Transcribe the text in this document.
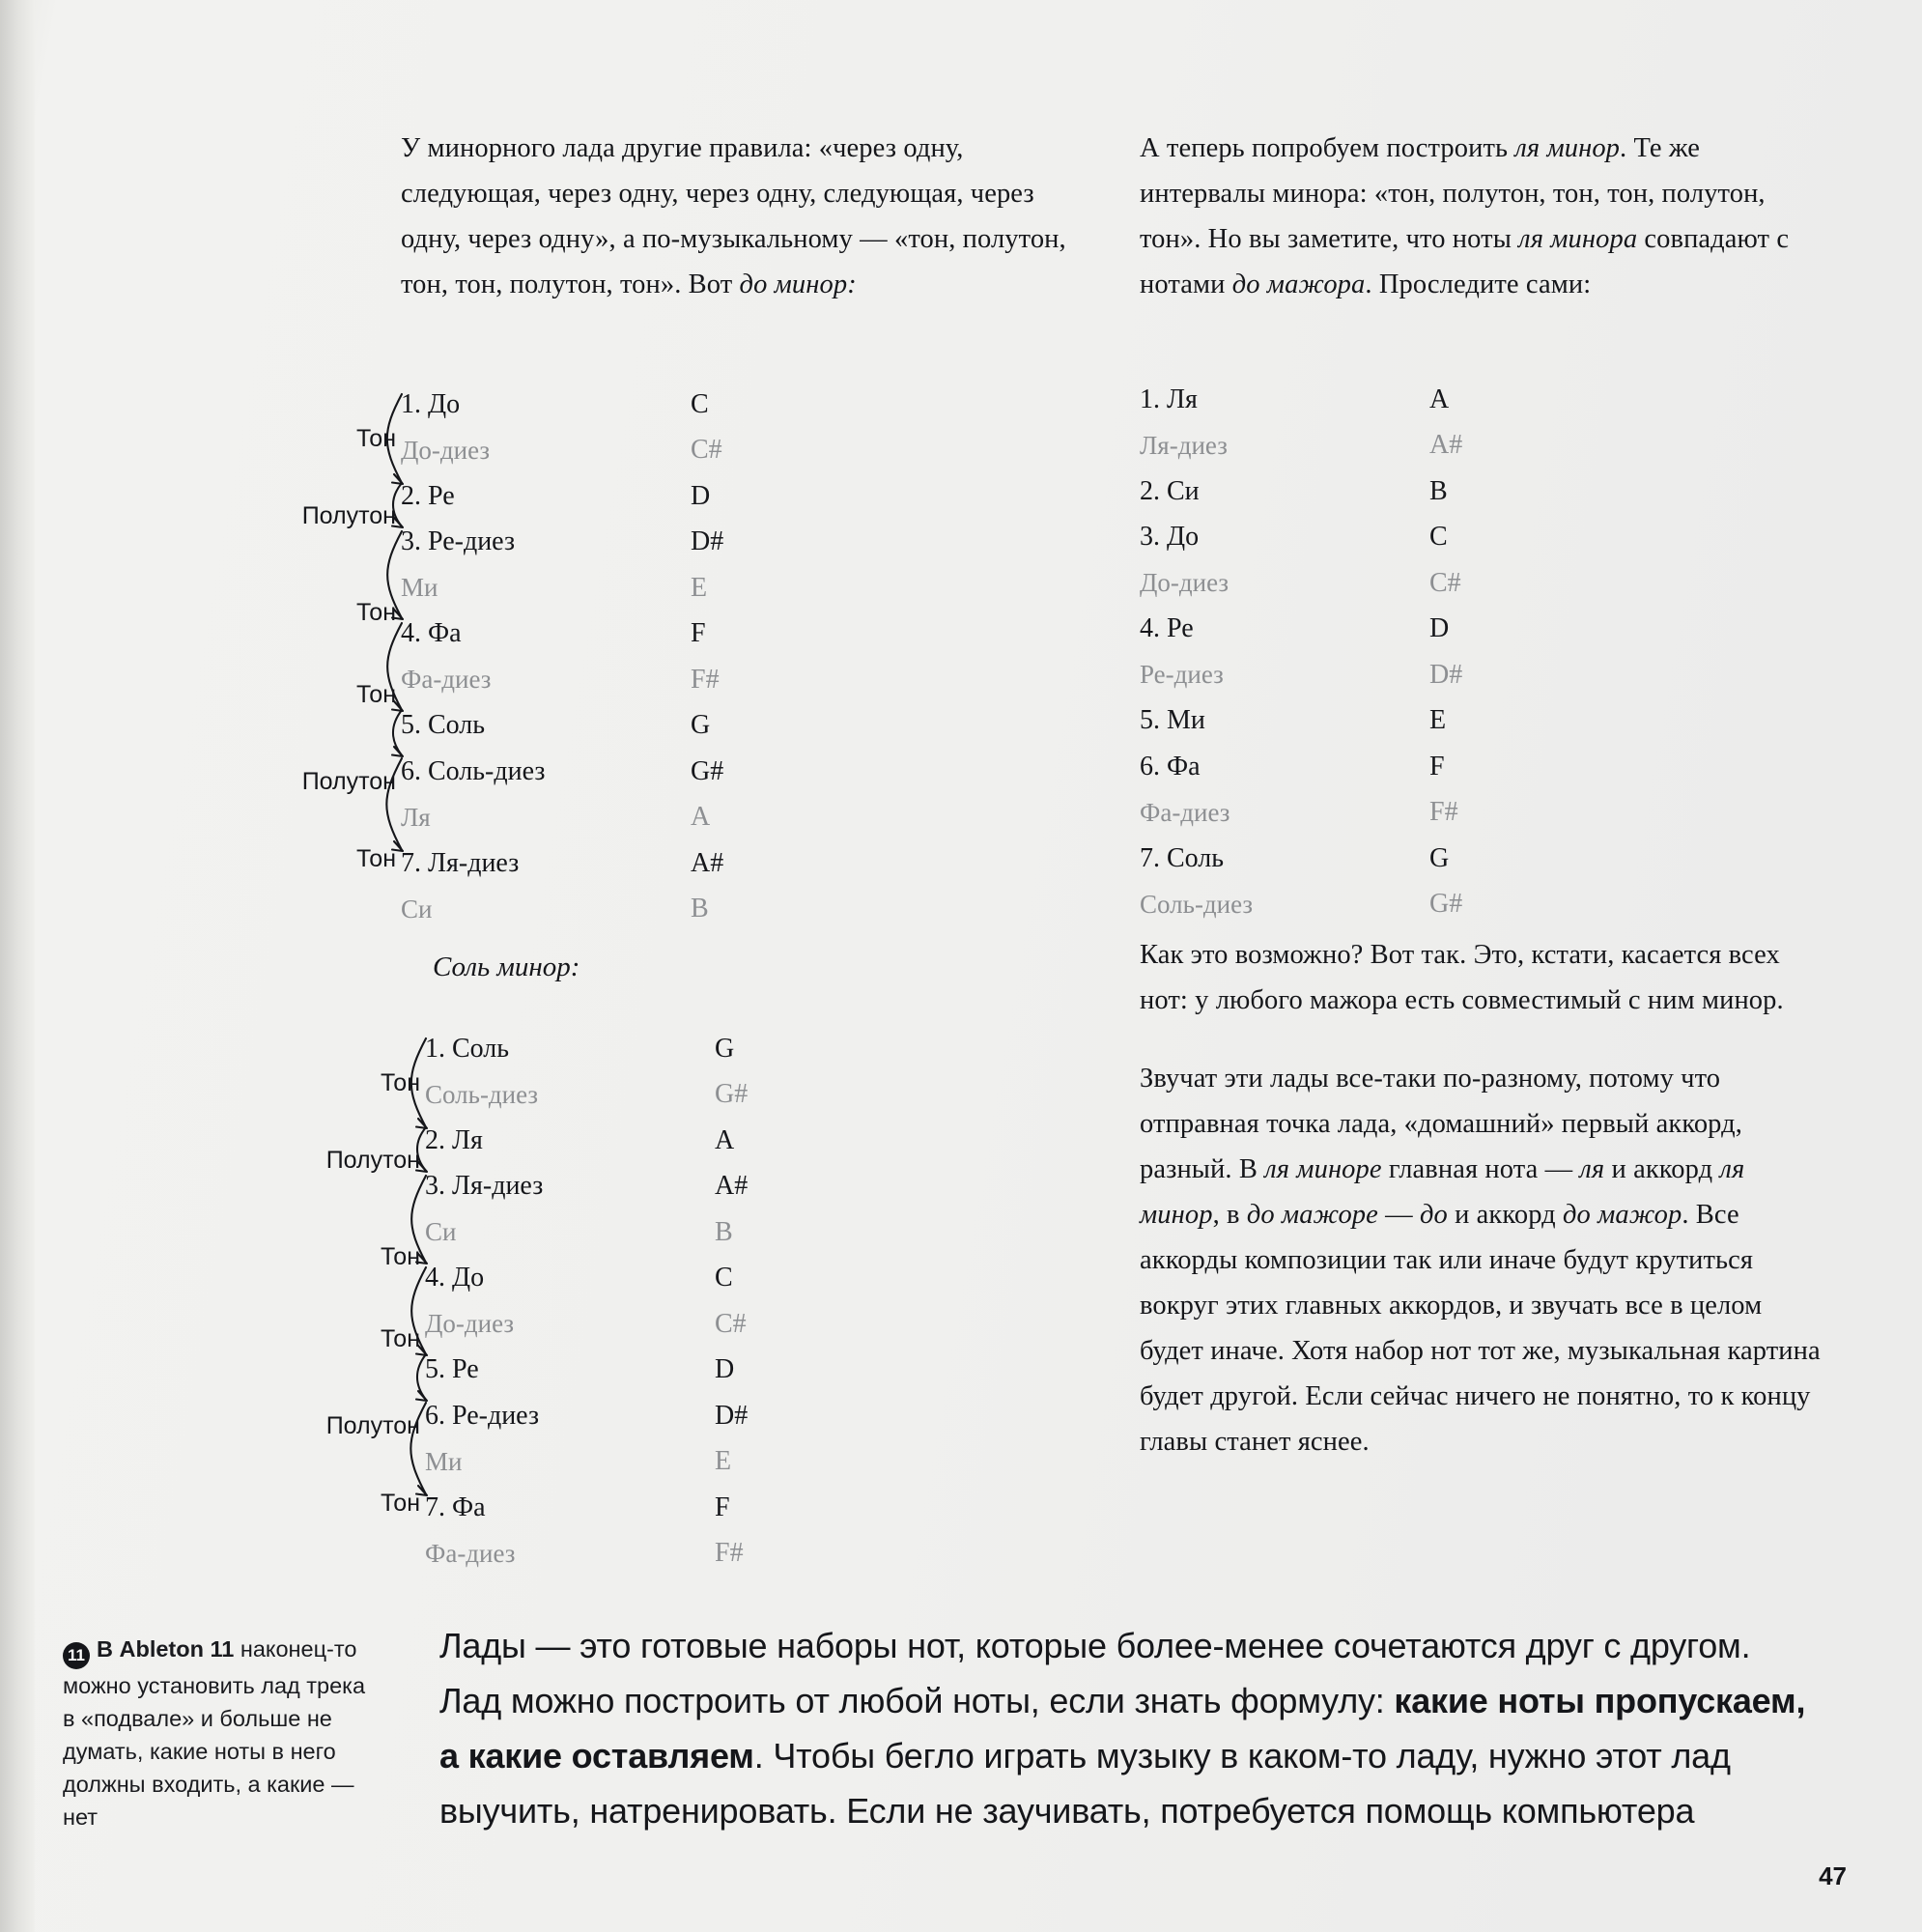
У минорного лада другие правила: «через одну, следующая, через одну, через одну, следующая, через одну, через одну», а по-музыкальному — «тон, полутон, тон, тон, полутон, тон». Вот до минор:

1. До	C
До-диез	C#
2. Ре	D
3. Ре-диез	D#
Ми	E
4. Фа	F
Фа-диез	F#
5. Соль	G
6. Соль-диез	G#
Ля	A
7. Ля-диез	A#
Си	B
Тон
Полутон
Тон
Тон
Полутон
Тон
Соль минор:
1. Соль	G
Соль-диез	G#
2. Ля	A
3. Ля-диез	A#
Си	B
4. До	C
До-диез	C#
5. Ре	D
6. Ре-диез	D#
Ми	E
7. Фа	F
Фа-диез	F#
Тон
Полутон
Тон
Тон
Полутон
Тон

А теперь попробуем построить ля минор. Те же интервалы минора: «тон, полутон, тон, тон, полутон, тон». Но вы заметите, что ноты ля минора совпадают с нотами до мажора. Проследите сами:

1. Ля	A
Ля-диез	A#
2. Си	B
3. До	C
До-диез	C#
4. Ре	D
Ре-диез	D#
5. Ми	E
6. Фа	F
Фа-диез	F#
7. Соль	G
Соль-диез	G#

Как это возможно? Вот так. Это, кстати, касается всех нот: у любого мажора есть совместимый с ним минор.

Звучат эти лады все-таки по-разному, потому что отправная точка лада, «домашний» первый аккорд, разный. В ля миноре главная нота — ля и аккорд ля минор, в до мажоре — до и аккорд до мажор. Все аккорды композиции так или иначе будут крутиться вокруг этих главных аккордов, и звучать все в целом будет иначе. Хотя набор нот тот же, музыкальная картина будет другой. Если сейчас ничего не понятно, то к концу главы станет яснее.

11 В Ableton 11 наконец-то можно установить лад трека в «подвале» и больше не думать, какие ноты в него должны входить, а какие — нет
Лады — это готовые наборы нот, которые более-менее сочетаются друг с другом. Лад можно построить от любой ноты, если знать формулу: какие ноты пропускаем, а какие оставляем. Чтобы бегло играть музыку в каком-то ладу, нужно этот лад выучить, натренировать. Если не заучивать, потребуется помощь компьютера
47
